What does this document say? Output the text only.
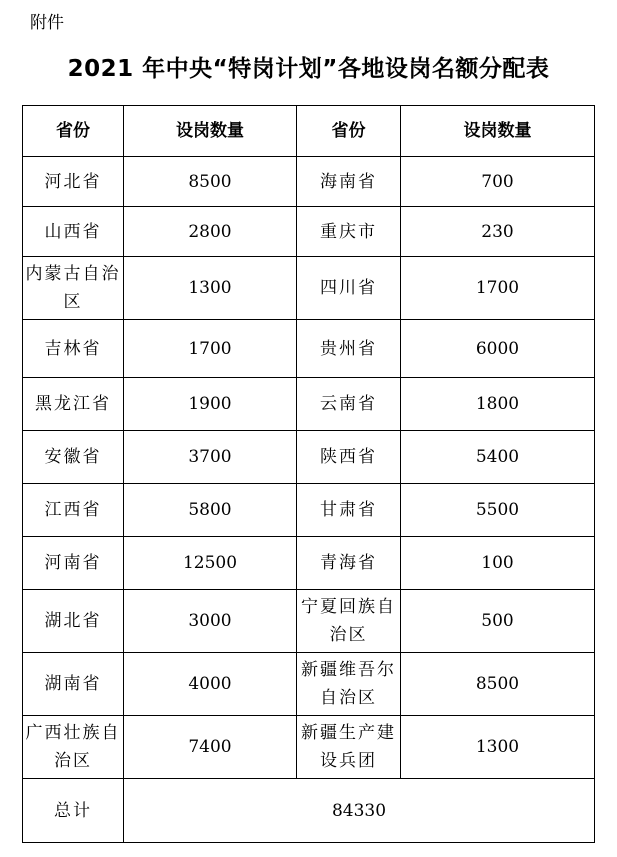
附件
2021 年中央“特岗计划”各地设岗名额分配表
省份	设岗数量	省份	设岗数量
河北省	8500	海南省	700
山西省	2800	重庆市	230
内蒙古自治区	1300	四川省	1700
吉林省	1700	贵州省	6000
黑龙江省	1900	云南省	1800
安徽省	3700	陕西省	5400
江西省	5800	甘肃省	5500
河南省	12500	青海省	100
湖北省	3000	宁夏回族自治区	500
湖南省	4000	新疆维吾尔自治区	8500
广西壮族自治区	7400	新疆生产建设兵团	1300
总计	84330		
